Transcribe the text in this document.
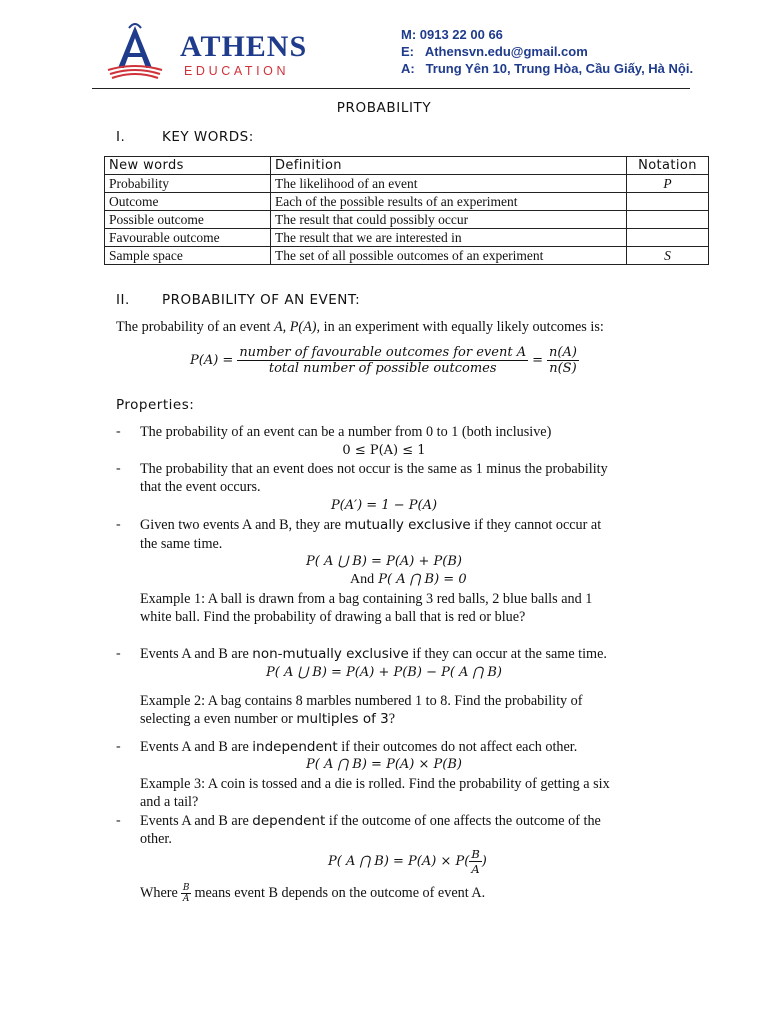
ATHENS
EDUCATION
M: 0913 22 00 66
E: Athensvn.edu@gmail.com
A: Trung Yên 10, Trung Hòa, Cầu Giấy, Hà Nội.
PROBABILITY
I.	KEY WORDS:
New words	Definition	Notation
Probability	The likelihood of an event	P
Outcome	Each of the possible results of an experiment	
Possible outcome	The result that could possibly occur	
Favourable outcome	The result that we are interested in	
Sample space	The set of all possible outcomes of an experiment	S
II. PROBABILITY OF AN EVENT:
The probability of an event A, P(A), in an experiment with equally likely outcomes is:
$P(A) = \frac{\text{number of favourable outcomes for event A}}{\text{total number of possible outcomes}} = \frac{n(A)}{n(S)}$
Properties:
- The probability of an event can be a number from 0 to 1 (both inclusive)
0 ≤ P(A) ≤ 1
- The probability that an event does not occur is the same as 1 minus the probability
that the event occurs.
P(A′) = 1 − P(A)
- Given two events A and B, they are mutually exclusive if they cannot occur at
the same time.
P( A ⋃ B) = P(A) + P(B)
And P( A ⋂ B) = 0
Example 1: A ball is drawn from a bag containing 3 red balls, 2 blue balls and 1
white ball. Find the probability of drawing a ball that is red or blue?
- Events A and B are non-mutually exclusive if they can occur at the same time.
P( A ⋃ B) = P(A) + P(B) − P( A ⋂ B)
Example 2: A bag contains 8 marbles numbered 1 to 8. Find the probability of
selecting a even number or multiples of 3?
- Events A and B are independent if their outcomes do not affect each other.
P( A ⋂ B) = P(A) × P(B)
Example 3: A coin is tossed and a die is rolled. Find the probability of getting a six
and a tail?
- Events A and B are dependent if the outcome of one affects the outcome of the
other.
P( A ⋂ $B) = P(A) \times P( \frac{B}{A}$ )
Where $\frac{B}{A}$ means event B depends on the outcome of event A.
